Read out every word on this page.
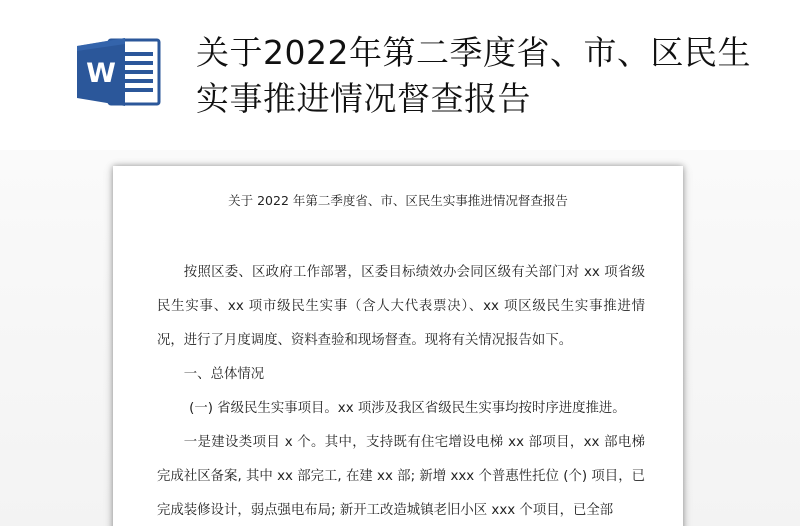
W
关于2022年第二季度省、市、区民生实事推进情况督查报告

关于 2022 年第二季度省、市、区民生实事推进情况督查报告

按照区委、区政府工作部署，区委目标绩效办会同区级有关部门对 xx 项省级民生实事、xx 项市级民生实事（含人大代表票决）、xx 项区级民生实事推进情况，进行了月度调度、资料查验和现场督查。现将有关情况报告如下。

一、总体情况

(一) 省级民生实事项目。xx 项涉及我区省级民生实事均按时序进度推进。

一是建设类项目 x 个。其中，支持既有住宅增设电梯 xx 部项目，xx 部电梯完成社区备案, 其中 xx 部完工, 在建 xx 部; 新增 xxx 个普惠性托位 (个) 项目，已完成装修设计，弱点强电布局; 新开工改造城镇老旧小区 xxx 个项目，已全部
